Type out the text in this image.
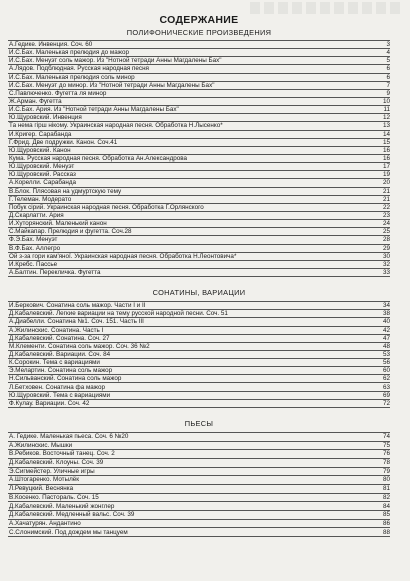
СОДЕРЖАНИЕ
ПОЛИФОНИЧЕСКИЕ ПРОИЗВЕДЕНИЯ
А.Гедике. Инвенция. Соч. 60	3
И.С.Бах. Маленькая прелюдия до мажор	4
И.С.Бах. Менуэт соль мажор. Из "Нотной тетради Анны Магдалены Бах"	5
А.Лядов. Подблюдная. Русская народная песня	6
И.С.Бах. Маленькая прелюдия соль минор	6
И.С.Бах. Менуэт до минор. Из "Нотной тетради Анны Магдалены Бах"	7
С.Павлюченко. Фугетта ля минор	9
Ж.Арман. Фугетта	10
И.С.Бах. Ария. Из "Нотной тетради Анны Магдалены Бах"	11
Ю.Щуровский. Инвенция	12
Та нема гірш нікому. Украинская народная песня. Обработка Н.Лысенко*	13
И.Кригер. Сарабанда	14
Г.Фрид. Две подружки. Канон. Соч.41	15
Ю.Щуровский. Канон	16
Кума. Русская народная песня. Обработка Ан.Александрова	16
Ю.Щуровский. Менуэт	17
Ю.Щуровский. Рассказ	19
А.Корелли. Сарабанда	20
В.Блок. Пляcовая на удмуртскую тему	21
Г.Телеман. Модерато	21
Побук сірий. Украинская народная песня. Обработка Г.Орлянского	22
Д.Скарлатти. Ария	23
И.Хуторянский. Маленький канон	24
С.Майкапар. Прелюдия и фугетта. Соч.28	25
Ф.Э.Бах. Менуэт	28
В.Ф.Бах. Аллегро	29
Ой з-за гори кам'яної. Украинская народная песня. Обработка Н.Леонтовича*	30
И.Кребс. Пассье	32
А.Балтин. Перекличка. Фугетта	33
СОНАТИНЫ, ВАРИАЦИИ
И.Беркович. Сонатина соль мажор. Части I и II	34
Д.Кабалевский. Легкие вариации на тему русской народной песни. Соч. 51	38
А.Диабелли. Сонатина №1. Соч. 151. Часть III	40
А.Жилинскис. Сонатина. Часть I	42
Д.Кабалевский. Сонатина. Соч. 27	47
М.Клементи. Сонатина соль мажор. Соч. 36 №2	48
Д.Кабалевский. Вариации. Соч. 84	53
К.Сорокин. Тема с вариациями	56
Э.Мелартин. Сонатина соль мажор	60
Н.Сильванский. Сонатина соль мажор	62
Л.Бетховен. Сонатина фа мажор	63
Ю.Щуровский. Тема с вариациями	69
Ф.Кулау. Вариации. Соч. 42	72
ПЬЕСЫ
А. Гедике. Маленькая пьеса. Соч. 6 №20	74
А.Жилинскис. Мышки	75
В.Ребиков. Восточный танец. Соч. 2	76
Д.Кабалевский. Клоуны. Соч. 39	78
Э.Сигмейстер. Уличные игры	79
А.Штогаренко. Мотылёк	80
Л.Ревуцкий. Веснянка	81
В.Косенко. Пастораль. Соч. 15	82
Д.Кабалевский. Маленький жонглер	84
Д.Кабалевский. Медленный вальс. Соч. 39	85
А.Хачатурян. Андантино	86
С.Слонимский. Под дождем мы танцуем	88
